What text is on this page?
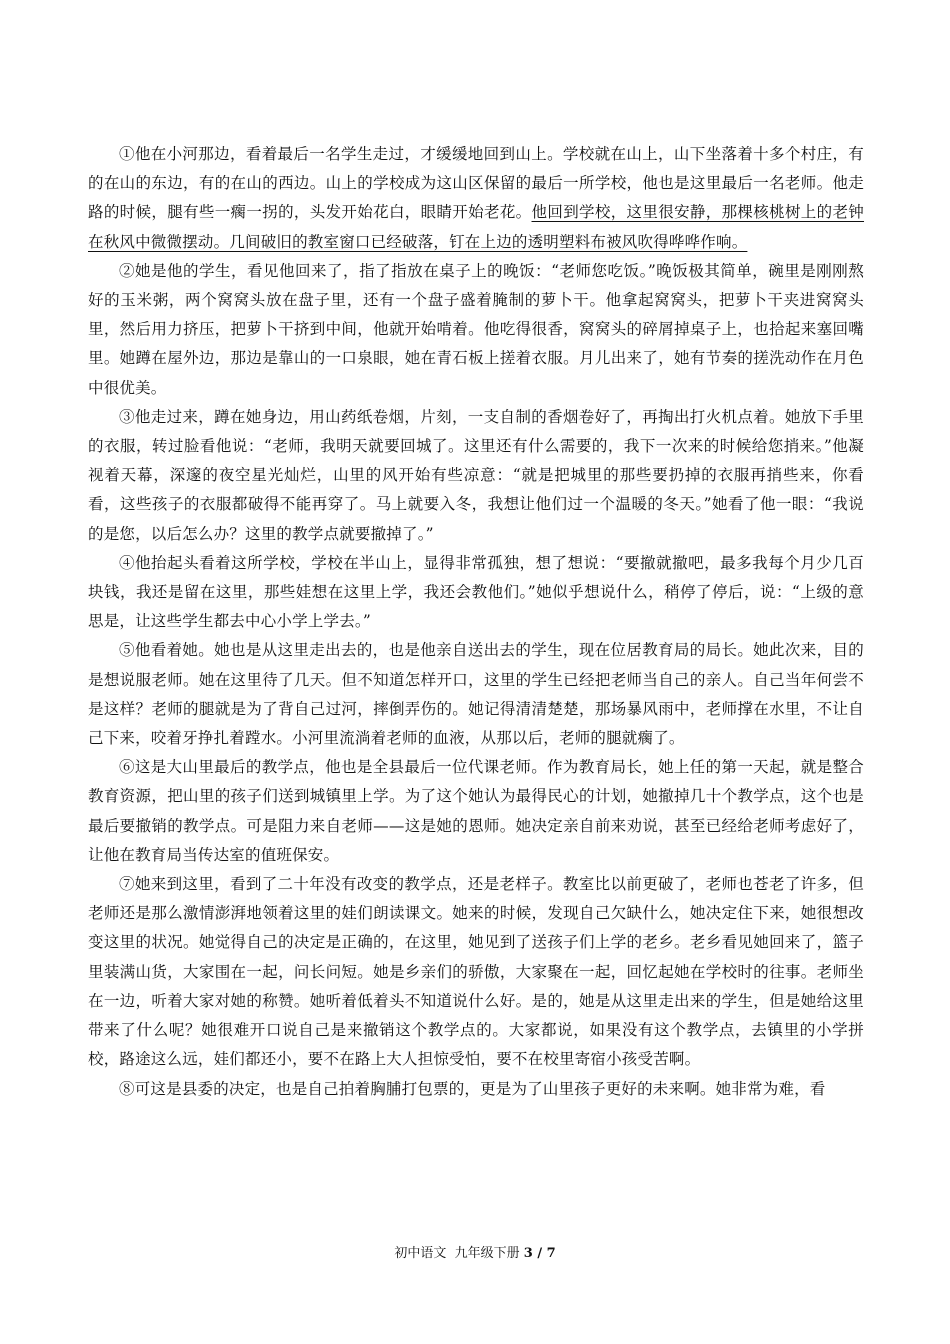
①他在小河那边，看着最后一名学生走过，才缓缓地回到山上。学校就在山上，山下坐落着十多个村庄，有的在山的东边，有的在山的西边。山上的学校成为这山区保留的最后一所学校，他也是这里最后一名老师。他走路的时候，腿有些一瘸一拐的，头发开始花白，眼睛开始老花。他回到学校，这里很安静，那棵核桃树上的老钟在秋风中微微摆动。几间破旧的教室窗口已经破落，钉在上边的透明塑料布被风吹得哗哗作响。

②她是他的学生，看见他回来了，指了指放在桌子上的晚饭：“老师您吃饭。”晚饭极其简单，碗里是刚刚熬好的玉米粥，两个窝窝头放在盘子里，还有一个盘子盛着腌制的萝卜干。他拿起窝窝头，把萝卜干夹进窝窝头里，然后用力挤压，把萝卜干挤到中间，他就开始啃着。他吃得很香，窝窝头的碎屑掉桌子上，也拾起来塞回嘴里。她蹲在屋外边，那边是靠山的一口泉眼，她在青石板上搓着衣服。月儿出来了，她有节奏的搓洗动作在月色中很优美。

③他走过来，蹲在她身边，用山药纸卷烟，片刻，一支自制的香烟卷好了，再掏出打火机点着。她放下手里的衣服，转过脸看他说：“老师，我明天就要回城了。这里还有什么需要的，我下一次来的时候给您捎来。”他凝视着天幕，深邃的夜空星光灿烂，山里的风开始有些凉意：“就是把城里的那些要扔掉的衣服再捎些来，你看看，这些孩子的衣服都破得不能再穿了。马上就要入冬，我想让他们过一个温暖的冬天。”她看了他一眼：“我说的是您，以后怎么办？这里的教学点就要撤掉了。”

④他抬起头看着这所学校，学校在半山上，显得非常孤独，想了想说：“要撤就撤吧，最多我每个月少几百块钱，我还是留在这里，那些娃想在这里上学，我还会教他们。”她似乎想说什么，稍停了停后，说：“上级的意思是，让这些学生都去中心小学上学去。”

⑤他看着她。她也是从这里走出去的，也是他亲自送出去的学生，现在位居教育局的局长。她此次来，目的是想说服老师。她在这里待了几天。但不知道怎样开口，这里的学生已经把老师当自己的亲人。自己当年何尝不是这样？老师的腿就是为了背自己过河，摔倒弄伤的。她记得清清楚楚，那场暴风雨中，老师撑在水里，不让自己下来，咬着牙挣扎着蹚水。小河里流淌着老师的血液，从那以后，老师的腿就瘸了。

⑥这是大山里最后的教学点，他也是全县最后一位代课老师。作为教育局长，她上任的第一天起，就是整合教育资源，把山里的孩子们送到城镇里上学。为了这个她认为最得民心的计划，她撤掉几十个教学点，这个也是最后要撤销的教学点。可是阻力来自老师——这是她的恩师。她决定亲自前来劝说，甚至已经给老师考虑好了，让他在教育局当传达室的值班保安。

⑦她来到这里，看到了二十年没有改变的教学点，还是老样子。教室比以前更破了，老师也苍老了许多，但老师还是那么激情澎湃地领着这里的娃们朗读课文。她来的时候，发现自己欠缺什么，她决定住下来，她很想改变这里的状况。她觉得自己的决定是正确的，在这里，她见到了送孩子们上学的老乡。老乡看见她回来了，篮子里装满山货，大家围在一起，问长问短。她是乡亲们的骄傲，大家聚在一起，回忆起她在学校时的往事。老师坐在一边，听着大家对她的称赞。她听着低着头不知道说什么好。是的，她是从这里走出来的学生，但是她给这里带来了什么呢？她很难开口说自己是来撤销这个教学点的。大家都说，如果没有这个教学点，去镇里的小学拼校，路途这么远，娃们都还小，要不在路上大人担惊受怕，要不在校里寄宿小孩受苦啊。

⑧可这是县委的决定，也是自己拍着胸脯打包票的，更是为了山里孩子更好的未来啊。她非常为难，看

初中语文  九年级下册 3 / 7
